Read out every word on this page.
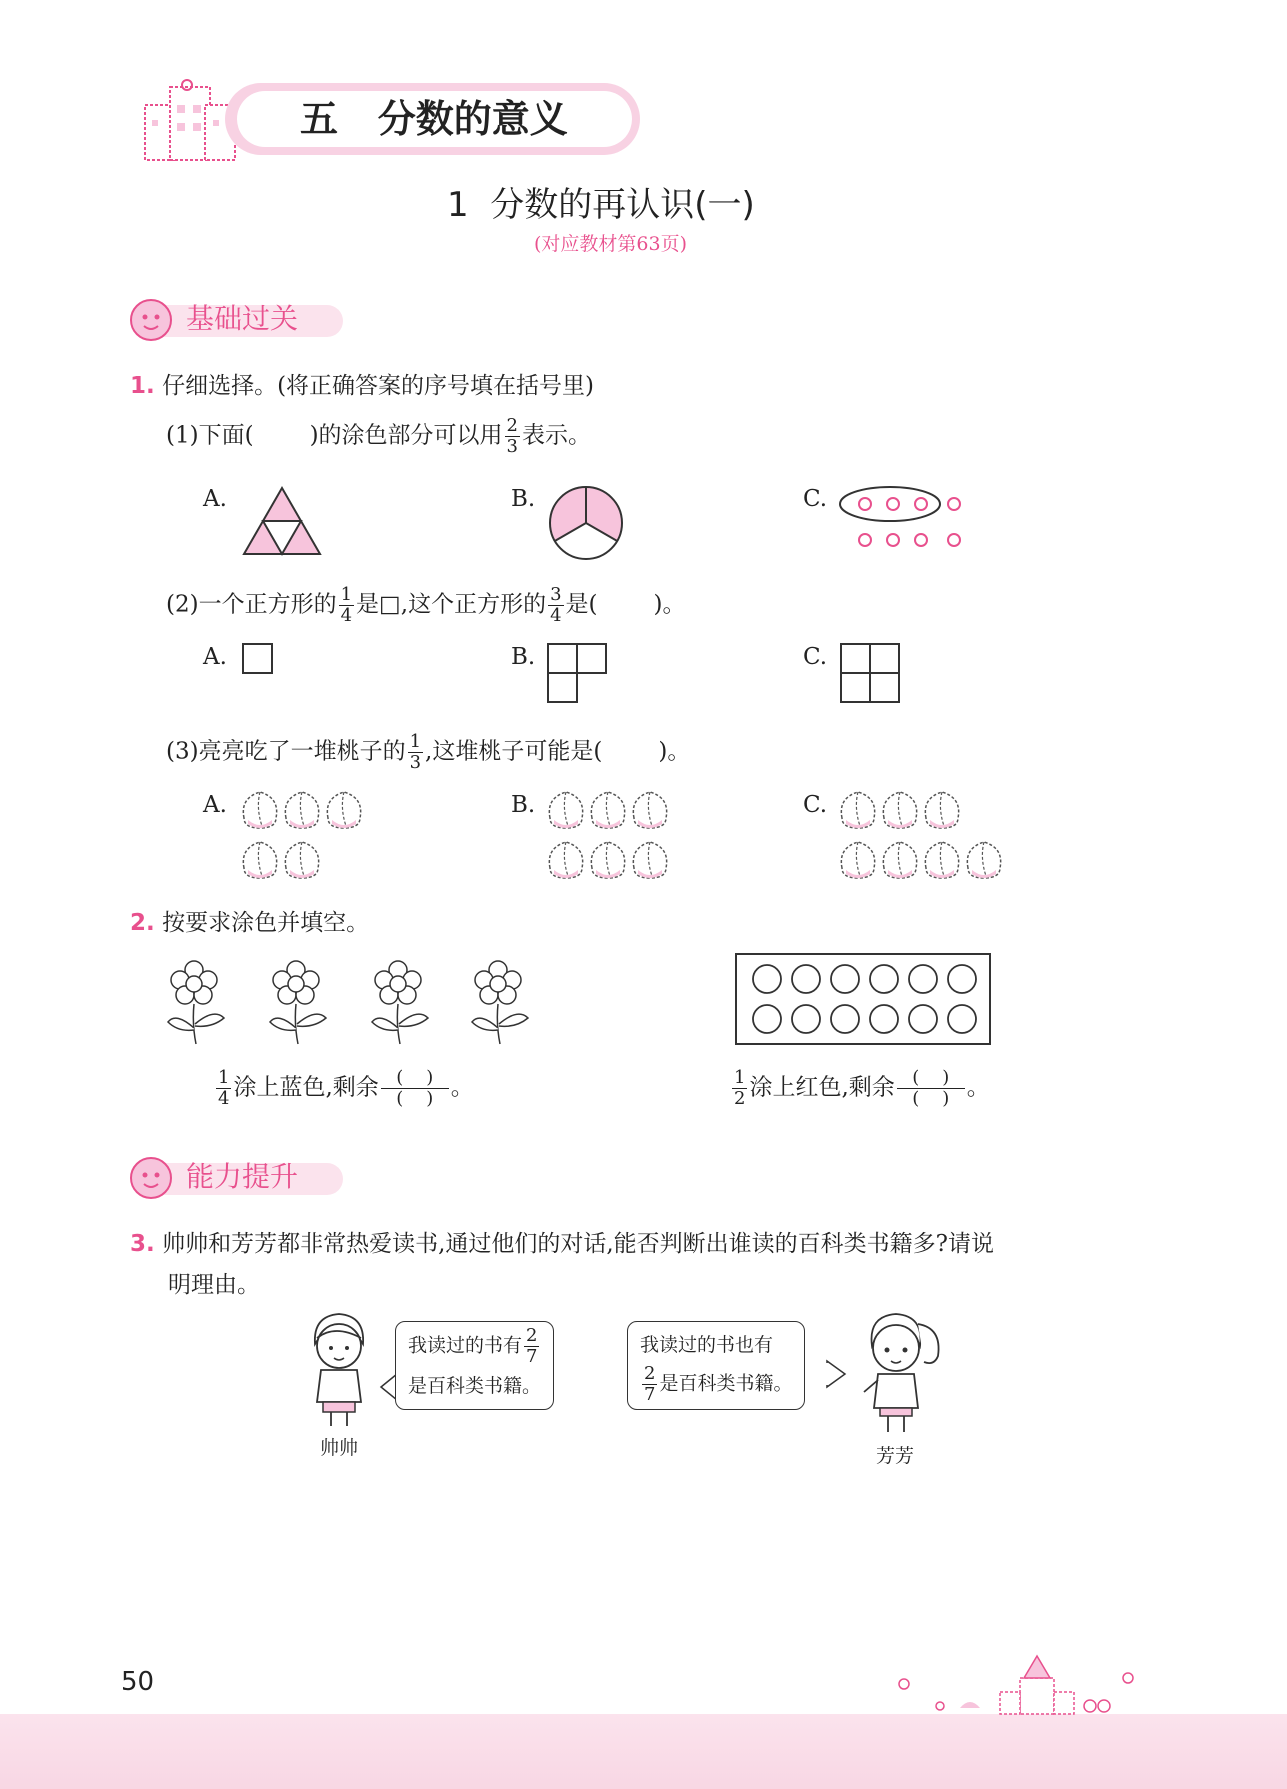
五   分数的意义
1  分数的再认识(一)
(对应教材第63页)
基础过关
1. 仔细选择。(将正确答案的序号填在括号里)
(1)下面( )的涂色部分可以用 $\frac{2}{3}$ 表示。
A.	B.	C.
(2)一个正方形的 $\frac{1}{4}$ 是□,这个正方形的 $\frac{3}{4}$ 是( )。
A.	B.	C.
(3)亮亮吃了一堆桃子的 $\frac{1}{3}$ ,这堆桃子可能是( )。
A.	B.	C.
2. 按要求涂色并填空。
$\frac{1}{4}$ 涂上蓝色,剩余 $\frac{( )}{( )}$ 。	$\frac{1}{2}$ 涂上红色,剩余 $\frac{( )}{( )}$ 。
能力提升
3. 帅帅和芳芳都非常热爱读书,通过他们的对话,能否判断出谁读的百科类书籍多?请说
明理由。
帅帅
我读过的书有 $\frac{2}{7}$
是百科类书籍。
我读过的书也有
$\frac{2}{7}$ 是百科类书籍。
芳芳
50
